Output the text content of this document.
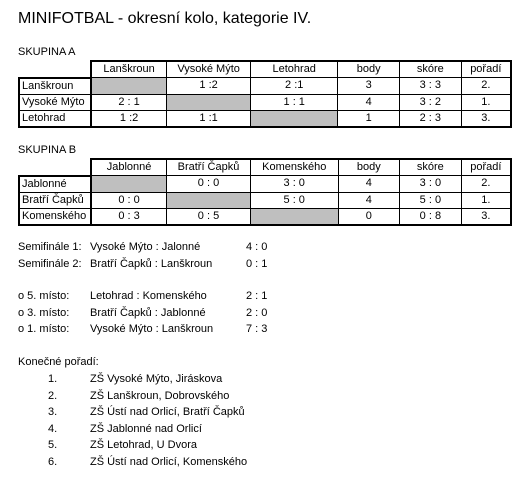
MINIFOTBAL - okresní kolo, kategorie IV.
SKUPINA A
	Lanškroun	Vysoké Mýto	Letohrad	body	skóre	pořadí
Lanškroun		1 :2	2 :1	3	3 : 3	2.
Vysoké Mýto	2 : 1		1 : 1	4	3 : 2	1.
Letohrad	1 :2	1 :1		1	2 : 3	3.
SKUPINA B
	Jablonné	Bratří Čapků	Komenského	body	skóre	pořadí
Jablonné		0 : 0	3 : 0	4	3 : 0	2.
Bratří Čapků	0 : 0		5 : 0	4	5 : 0	1.
Komenského	0 : 3	0 : 5		0	0 : 8	3.
Semifinále 1: Vysoké Mýto : Jalonné	4 : 0
Semifinále 2: Bratří Čapků : Lanškroun	0 : 1
o 5. místo: Letohrad : Komenského	2 : 1
o 3. místo: Bratří Čapků : Jablonné	2 : 0
o 1. místo: Vysoké Mýto : Lanškroun	7 : 3
Konečné pořadí:
1.	ZŠ Vysoké Mýto, Jiráskova
2.	ZŠ Lanškroun, Dobrovského
3.	ZŠ Ústí nad Orlicí, Bratří Čapků
4.	ZŠ Jablonné nad Orlicí
5.	ZŠ Letohrad, U Dvora
6.	ZŠ Ústí nad Orlicí, Komenského
